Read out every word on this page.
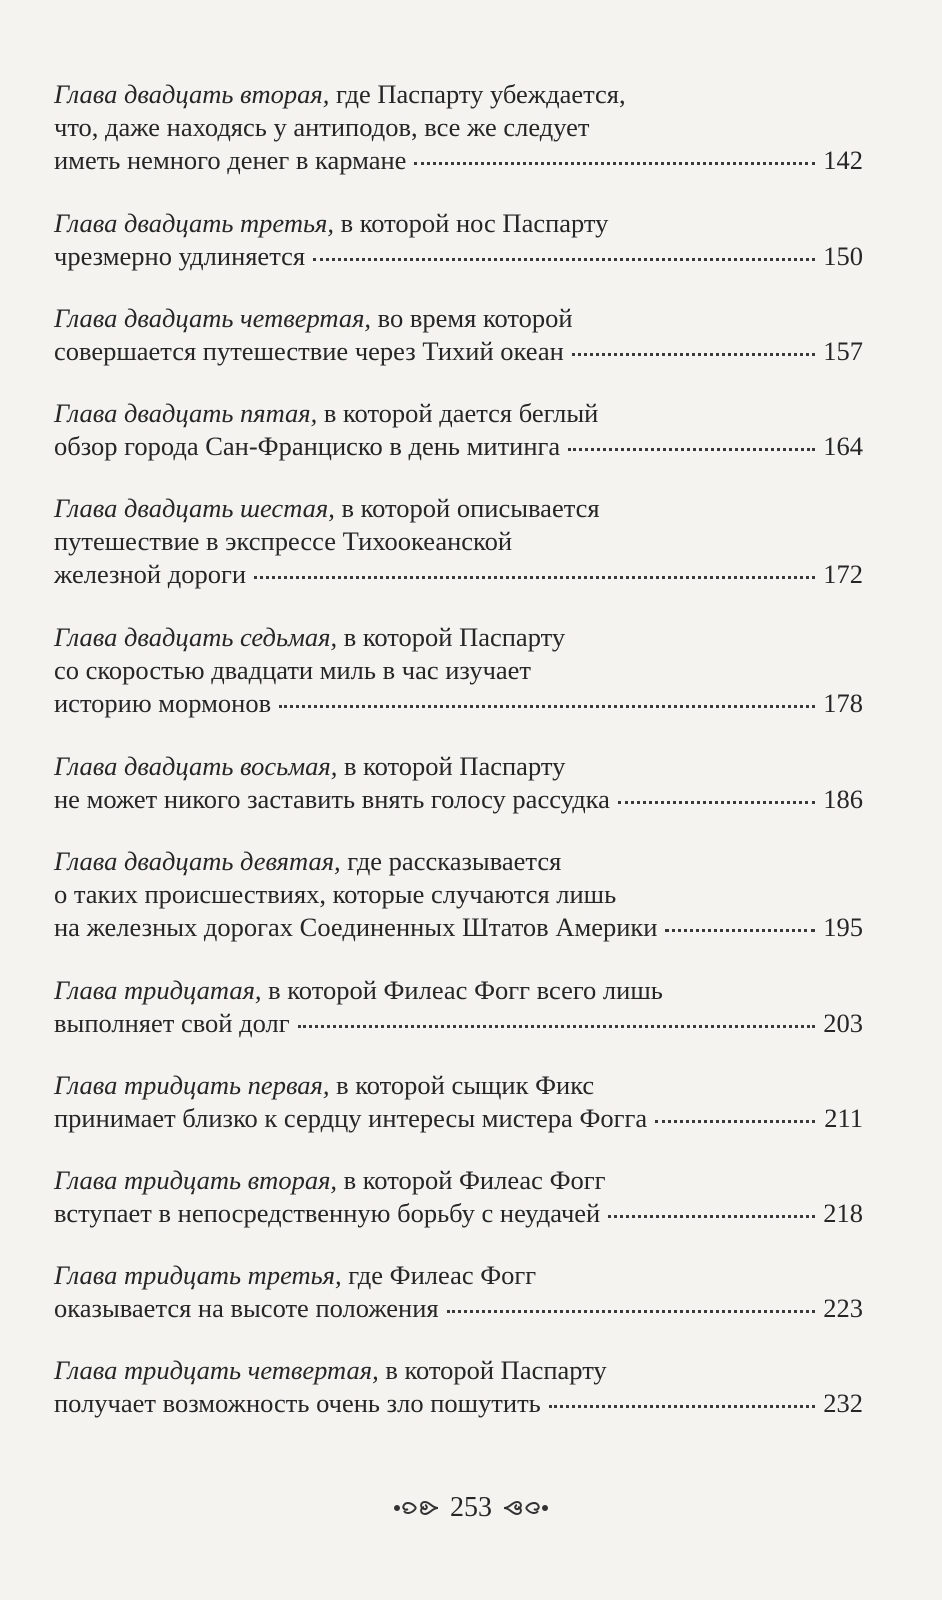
Глава двадцать вторая, где Паспарту убеждается,
что, даже находясь у антиподов, все же следует
иметь немного денег в кармане	142
Глава двадцать третья, в которой нос Паспарту
чрезмерно удлиняется	150
Глава двадцать четвертая, во время которой
совершается путешествие через Тихий океан	157
Глава двадцать пятая, в которой дается беглый
обзор города Сан-Франциско в день митинга	164
Глава двадцать шестая, в которой описывается
путешествие в экспрессе Тихоокеанской
железной дороги	172
Глава двадцать седьмая, в которой Паспарту
со скоростью двадцати миль в час изучает
историю мормонов	178
Глава двадцать восьмая, в которой Паспарту
не может никого заставить внять голосу рассудка	186
Глава двадцать девятая, где рассказывается
о таких происшествиях, которые случаются лишь
на железных дорогах Соединенных Штатов Америки	195
Глава тридцатая, в которой Филеас Фогг всего лишь
выполняет свой долг	203
Глава тридцать первая, в которой сыщик Фикс
принимает близко к сердцу интересы мистера Фогга	211
Глава тридцать вторая, в которой Филеас Фогг
вступает в непосредственную борьбу с неудачей	218
Глава тридцать третья, где Филеас Фогг
оказывается на высоте положения	223
Глава тридцать четвертая, в которой Паспарту
получает возможность очень зло пошутить	232
253
